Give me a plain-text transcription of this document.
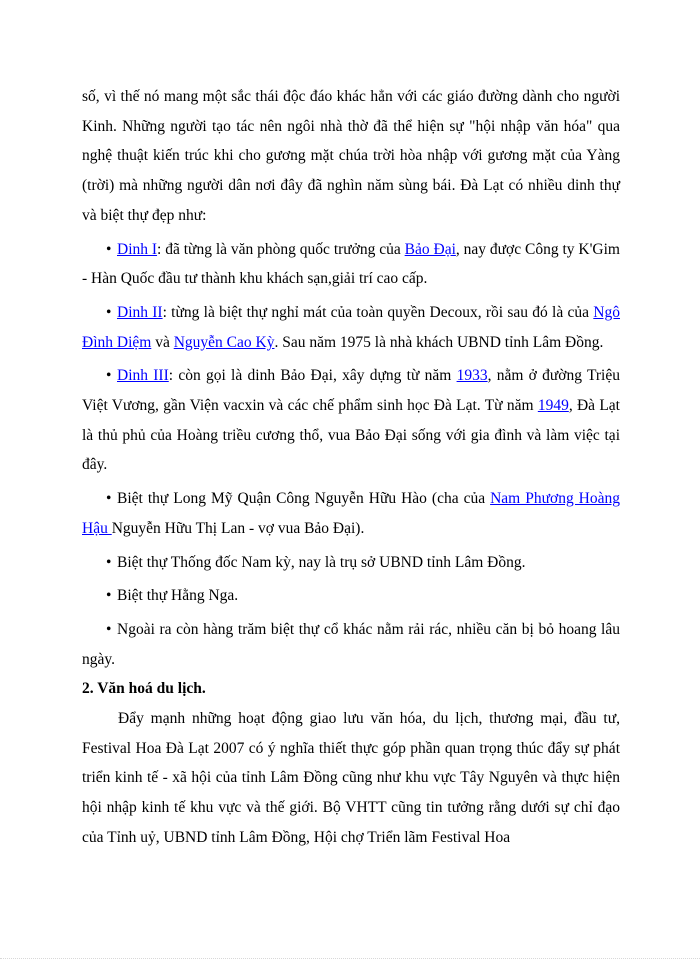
số, vì thế nó mang một sắc thái độc đáo khác hẳn với các giáo đường dành cho người Kinh. Những người tạo tác nên ngôi nhà thờ đã thể hiện sự "hội nhập văn hóa" qua nghệ thuật kiến trúc khi cho gương mặt chúa trời hòa nhập với gương mặt của Yàng (trời) mà những người dân nơi đây đã nghìn năm sùng bái. Đà Lạt có nhiều dinh thự và biệt thự đẹp như:

• Dinh I: đã từng là văn phòng quốc trưởng của Bảo Đại, nay được Công ty K'Gim - Hàn Quốc đầu tư thành khu khách sạn,giải trí cao cấp.

• Dinh II: từng là biệt thự nghỉ mát của toàn quyền Decoux, rồi sau đó là của Ngô Đình Diệm và Nguyễn Cao Kỳ. Sau năm 1975 là nhà khách UBND tỉnh Lâm Đồng.

• Dinh III: còn gọi là dinh Bảo Đại, xây dựng từ năm 1933, nằm ở đường Triệu Việt Vương, gần Viện vacxin và các chế phẩm sinh học Đà Lạt. Từ năm 1949, Đà Lạt là thủ phủ của Hoàng triều cương thổ, vua Bảo Đại sống với gia đình và làm việc tại đây.

• Biệt thự Long Mỹ Quận Công Nguyễn Hữu Hào (cha của Nam Phương Hoàng Hậu Nguyễn Hữu Thị Lan - vợ vua Bảo Đại).

• Biệt thự Thống đốc Nam kỳ, nay là trụ sở UBND tỉnh Lâm Đồng.

• Biệt thự Hằng Nga.

• Ngoài ra còn hàng trăm biệt thự cổ khác nằm rải rác, nhiều căn bị bỏ hoang lâu ngày.

2. Văn hoá du lịch.

Đẩy mạnh những hoạt động giao lưu văn hóa, du lịch, thương mại, đầu tư, Festival Hoa Đà Lạt 2007 có ý nghĩa thiết thực góp phần quan trọng thúc đẩy sự phát triển kinh tế - xã hội của tỉnh Lâm Đồng cũng như khu vực Tây Nguyên và thực hiện hội nhập kinh tế khu vực và thế giới. Bộ VHTT cũng tin tưởng rằng dưới sự chỉ đạo của Tỉnh uỷ, UBND tỉnh Lâm Đồng, Hội chợ Triển lãm Festival Hoa
